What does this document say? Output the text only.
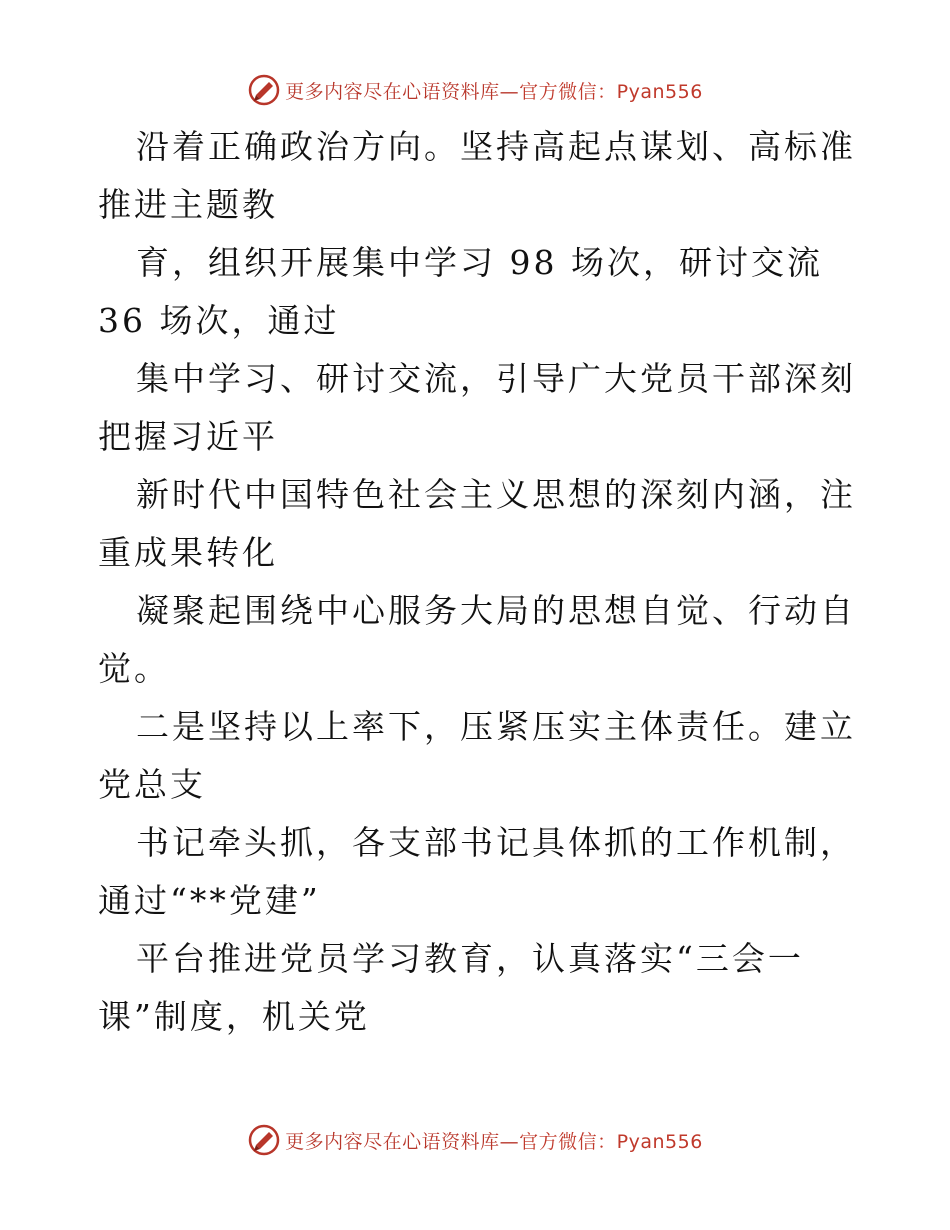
更多内容尽在心语资料库—官方微信：Pyan556

沿着正确政治方向。坚持高起点谋划、高标准推进主题教

育，组织开展集中学习 98 场次，研讨交流 36 场次，通过

集中学习、研讨交流，引导广大党员干部深刻把握习近平

新时代中国特色社会主义思想的深刻内涵，注重成果转化

凝聚起围绕中心服务大局的思想自觉、行动自觉。

二是坚持以上率下，压紧压实主体责任。建立党总支

书记牵头抓，各支部书记具体抓的工作机制，通过“**党建”

平台推进党员学习教育，认真落实“三会一课”制度，机关党

更多内容尽在心语资料库—官方微信：Pyan556
